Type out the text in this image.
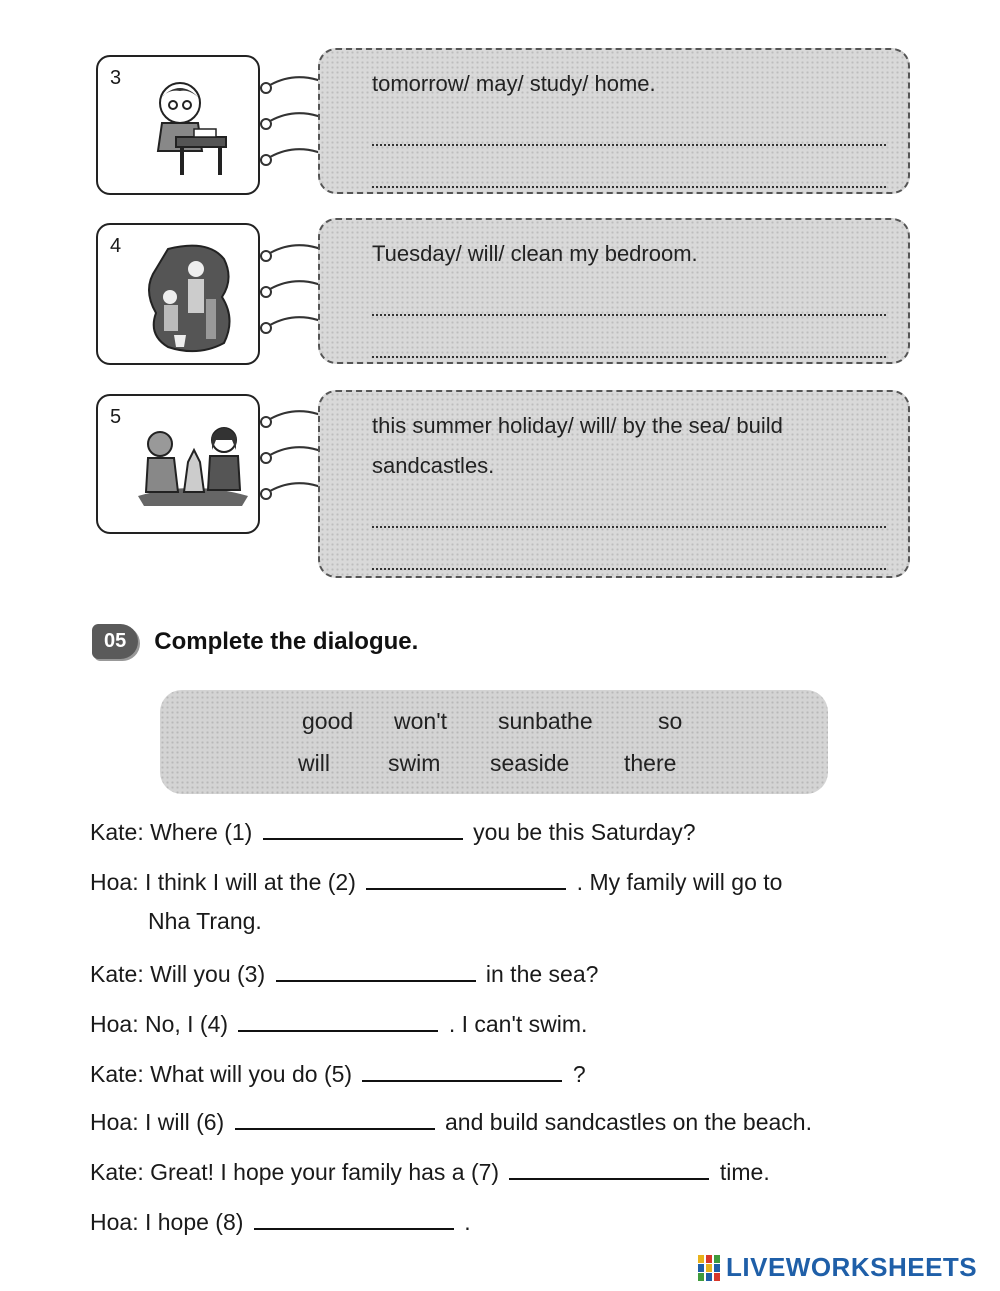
3	tomorrow/ may/ study/ home.

4	Tuesday/ will/ clean my bedroom.

5	this summer holiday/ will/ by the sea/ build sandcastles.

05	Complete the dialogue.
good won't sunbathe	so
will	swim seaside there
Kate: Where (1)	you be this Saturday?
Hoa: I think I will at the (2)	. My family will go to
Nha Trang.
Kate: Will you (3)	in the sea?
Hoa: No, I (4)	. I can't swim.
Kate: What will you do (5)	?
Hoa: I will (6)	and build sandcastles on the beach.
Kate: Great! I hope your family has a (7)	time.
Hoa: I hope (8)	.
LIVEWORKSHEETS
